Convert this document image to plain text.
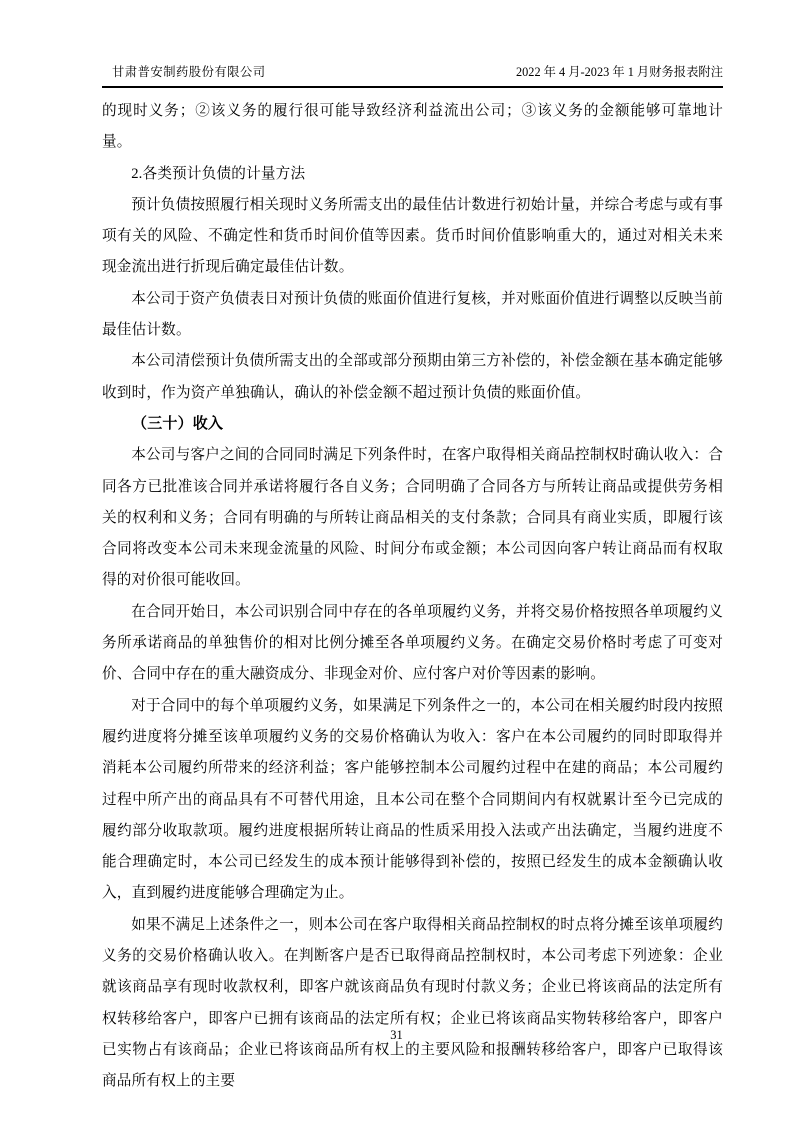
甘肃普安制药股份有限公司	2022 年 4 月-2023 年 1 月财务报表附注

的现时义务；②该义务的履行很可能导致经济利益流出公司；③该义务的金额能够可靠地计量。

2.各类预计负债的计量方法

预计负债按照履行相关现时义务所需支出的最佳估计数进行初始计量，并综合考虑与或有事项有关的风险、不确定性和货币时间价值等因素。货币时间价值影响重大的，通过对相关未来现金流出进行折现后确定最佳估计数。

本公司于资产负债表日对预计负债的账面价值进行复核，并对账面价值进行调整以反映当前最佳估计数。

本公司清偿预计负债所需支出的全部或部分预期由第三方补偿的，补偿金额在基本确定能够收到时，作为资产单独确认，确认的补偿金额不超过预计负债的账面价值。

（三十）收入

本公司与客户之间的合同同时满足下列条件时，在客户取得相关商品控制权时确认收入：合同各方已批准该合同并承诺将履行各自义务；合同明确了合同各方与所转让商品或提供劳务相关的权利和义务；合同有明确的与所转让商品相关的支付条款；合同具有商业实质，即履行该合同将改变本公司未来现金流量的风险、时间分布或金额；本公司因向客户转让商品而有权取得的对价很可能收回。

在合同开始日，本公司识别合同中存在的各单项履约义务，并将交易价格按照各单项履约义务所承诺商品的单独售价的相对比例分摊至各单项履约义务。在确定交易价格时考虑了可变对价、合同中存在的重大融资成分、非现金对价、应付客户对价等因素的影响。

对于合同中的每个单项履约义务，如果满足下列条件之一的，本公司在相关履约时段内按照履约进度将分摊至该单项履约义务的交易价格确认为收入：客户在本公司履约的同时即取得并消耗本公司履约所带来的经济利益；客户能够控制本公司履约过程中在建的商品；本公司履约过程中所产出的商品具有不可替代用途，且本公司在整个合同期间内有权就累计至今已完成的履约部分收取款项。履约进度根据所转让商品的性质采用投入法或产出法确定，当履约进度不能合理确定时，本公司已经发生的成本预计能够得到补偿的，按照已经发生的成本金额确认收入，直到履约进度能够合理确定为止。

如果不满足上述条件之一，则本公司在客户取得相关商品控制权的时点将分摊至该单项履约义务的交易价格确认收入。在判断客户是否已取得商品控制权时，本公司考虑下列迹象：企业就该商品享有现时收款权利，即客户就该商品负有现时付款义务；企业已将该商品的法定所有权转移给客户，即客户已拥有该商品的法定所有权；企业已将该商品实物转移给客户，即客户已实物占有该商品；企业已将该商品所有权上的主要风险和报酬转移给客户，即客户已取得该商品所有权上的主要

31
